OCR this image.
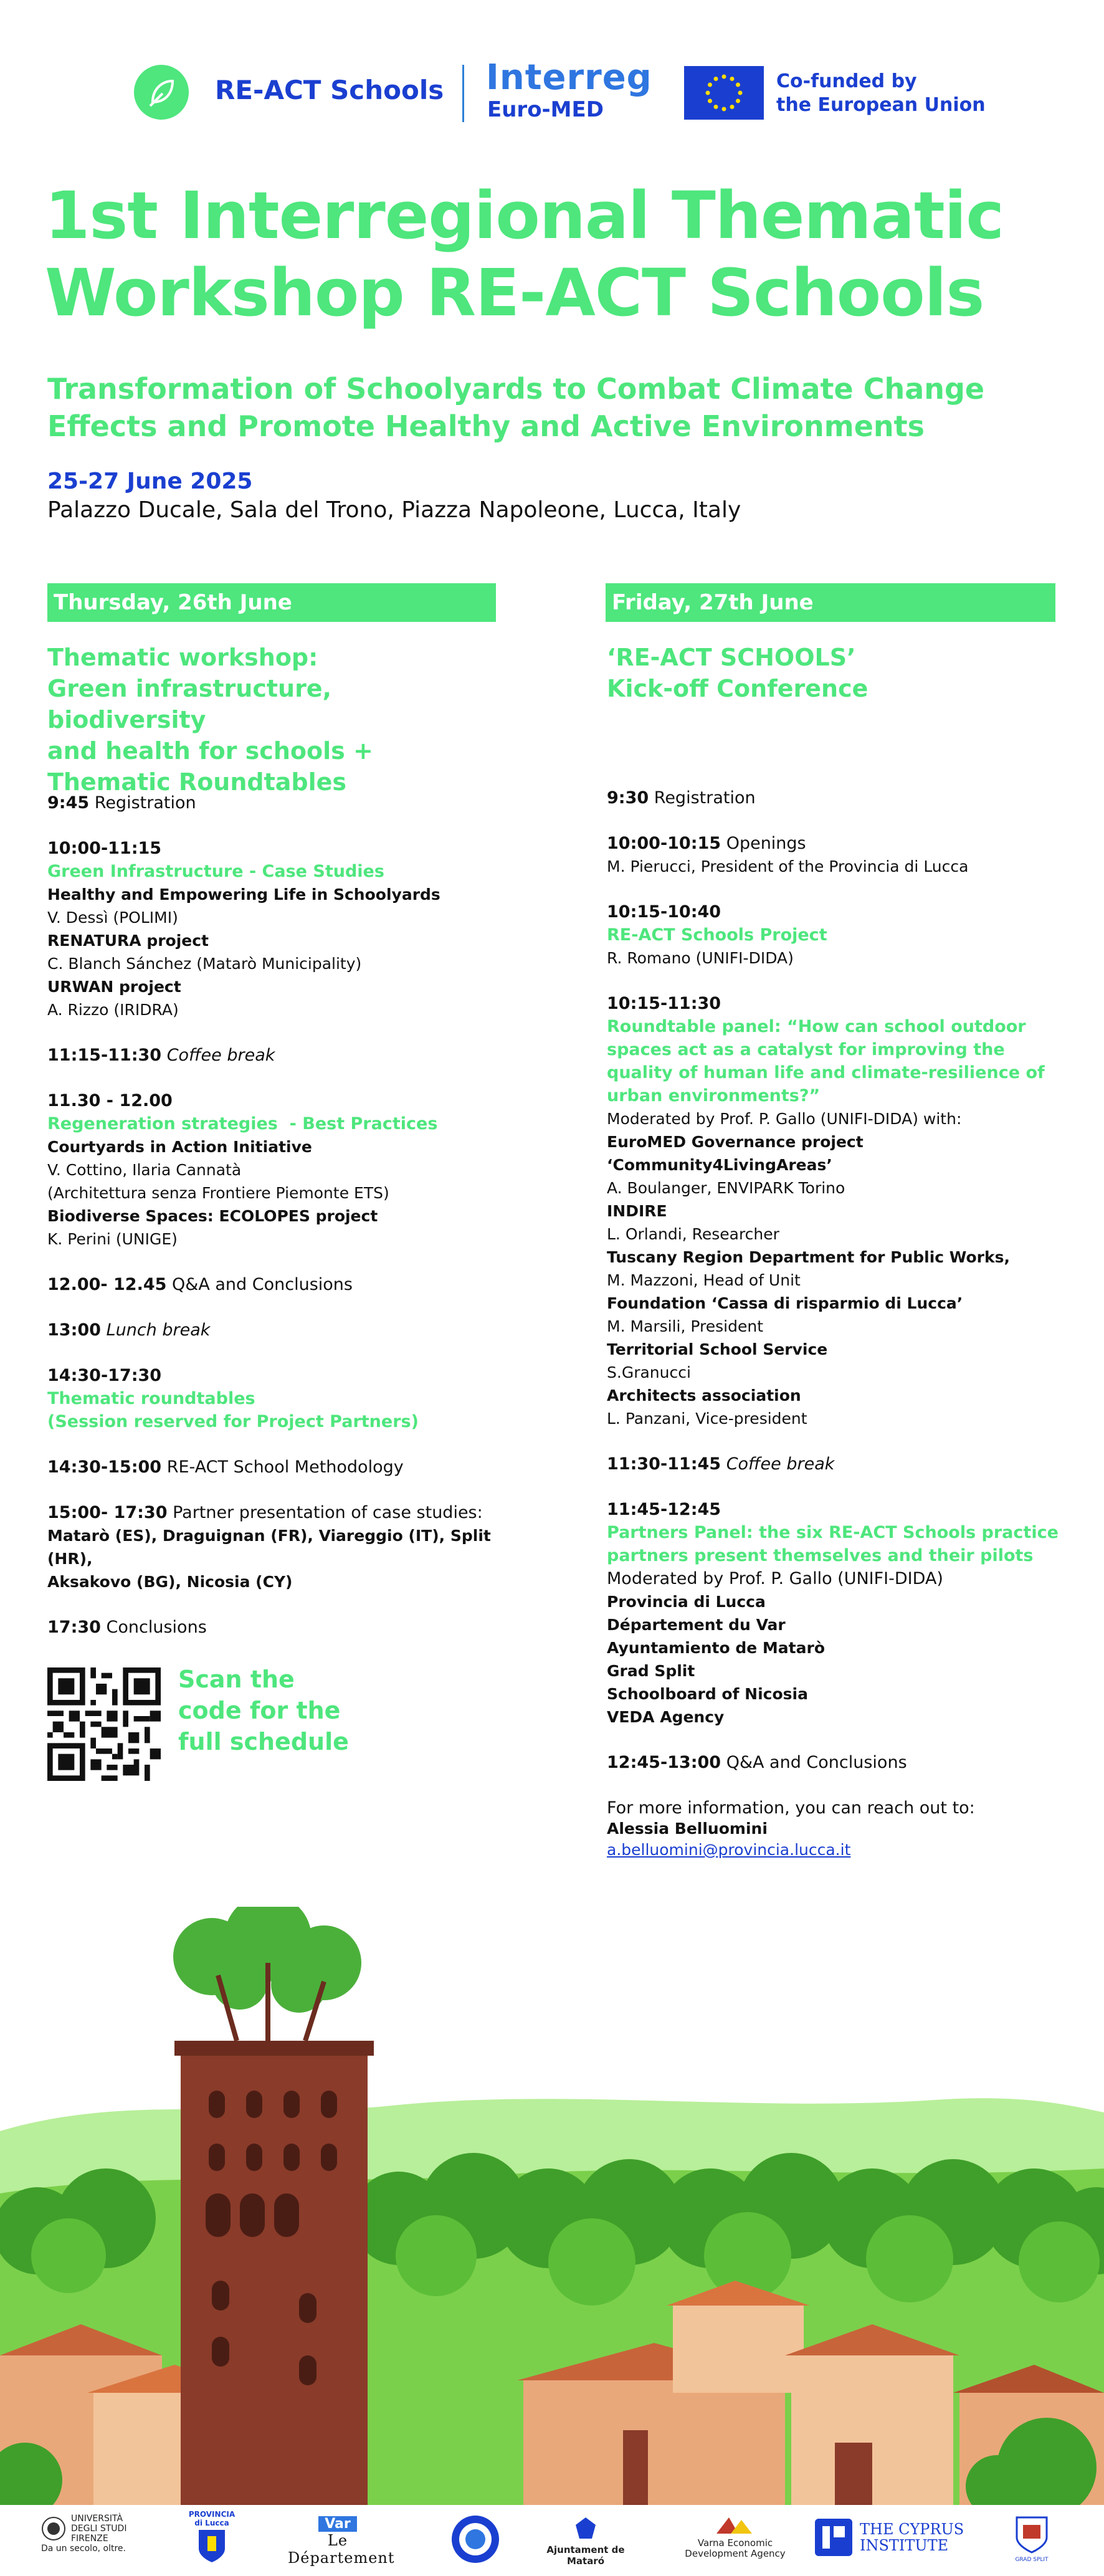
RE-ACT Schools Interreg
Euro-MED
Co-funded by
the European Union
1st Interregional Thematic
Workshop RE-ACT Schools
Transformation of Schoolyards to Combat Climate Change
Effects and Promote Healthy and Active Environments
25-27 June 2025
Palazzo Ducale, Sala del Trono, Piazza Napoleone, Lucca, Italy
Thursday, 26th June
Thematic workshop:
Green infrastructure, biodiversity
and health for schools +
Thematic Roundtables
9:45 Registration
10:00-11:15
Green Infrastructure - Case Studies
Healthy and Empowering Life in Schoolyards
V. Dessì (POLIMI)
RENATURA project
C. Blanch Sánchez (Matarò Municipality)
URWAN project
A. Rizzo (IRIDRA)
11:15-11:30 Coffee break
11.30 - 12.00
Regeneration strategies  - Best Practices
Courtyards in Action Initiative
V. Cottino, Ilaria Cannatà
(Architettura senza Frontiere Piemonte ETS)
Biodiverse Spaces: ECOLOPES project
K. Perini (UNIGE)
12.00- 12.45 Q&A and Conclusions
13:00 Lunch break
14:30-17:30
Thematic roundtables
(Session reserved for Project Partners)
14:30-15:00 RE-ACT School Methodology
15:00- 17:30 Partner presentation of case studies:
Matarò (ES), Draguignan (FR), Viareggio (IT), Split (HR),
Aksakovo (BG), Nicosia (CY)
17:30 Conclusions
Scan the
code for the
full schedule
Friday, 27th June
‘RE-ACT SCHOOLS’
Kick-off Conference
9:30 Registration
10:00-10:15 Openings
M. Pierucci, President of the Provincia di Lucca
10:15-10:40
RE-ACT Schools Project
R. Romano (UNIFI-DIDA)
10:15-11:30
Roundtable panel: “How can school outdoor
spaces act as a catalyst for improving the
quality of human life and climate-resilience of
urban environments?”
Moderated by Prof. P. Gallo (UNIFI-DIDA) with:
EuroMED Governance project ‘Community4LivingAreas’
A. Boulanger, ENVIPARK Torino
INDIRE
L. Orlandi, Researcher
Tuscany Region Department for Public Works,
M. Mazzoni, Head of Unit
Foundation ‘Cassa di risparmio di Lucca’
M. Marsili, President
Territorial School Service
S.Granucci
Architects association
L. Panzani, Vice-president
11:30-11:45 Coffee break
11:45-12:45
Partners Panel: the six RE-ACT Schools practice
partners present themselves and their pilots
Moderated by Prof. P. Gallo (UNIFI-DIDA)
Provincia di Lucca
Département du Var
Ayuntamiento de Matarò
Grad Split
Schoolboard of Nicosia
VEDA Agency
12:45-13:00 Q&A and Conclusions
For more information, you can reach out to:
Alessia Belluomini
a.belluomini@provincia.lucca.it
UNIVERSITÀ
DEGLI STUDI
FIRENZE
Da un secolo, oltre.
PROVINCIA
di Lucca	Var
Le Département	Ajuntament de Mataró
Varna Economic
Development Agency
THE CYPRUS
INSTITUTE
GRAD SPLIT
